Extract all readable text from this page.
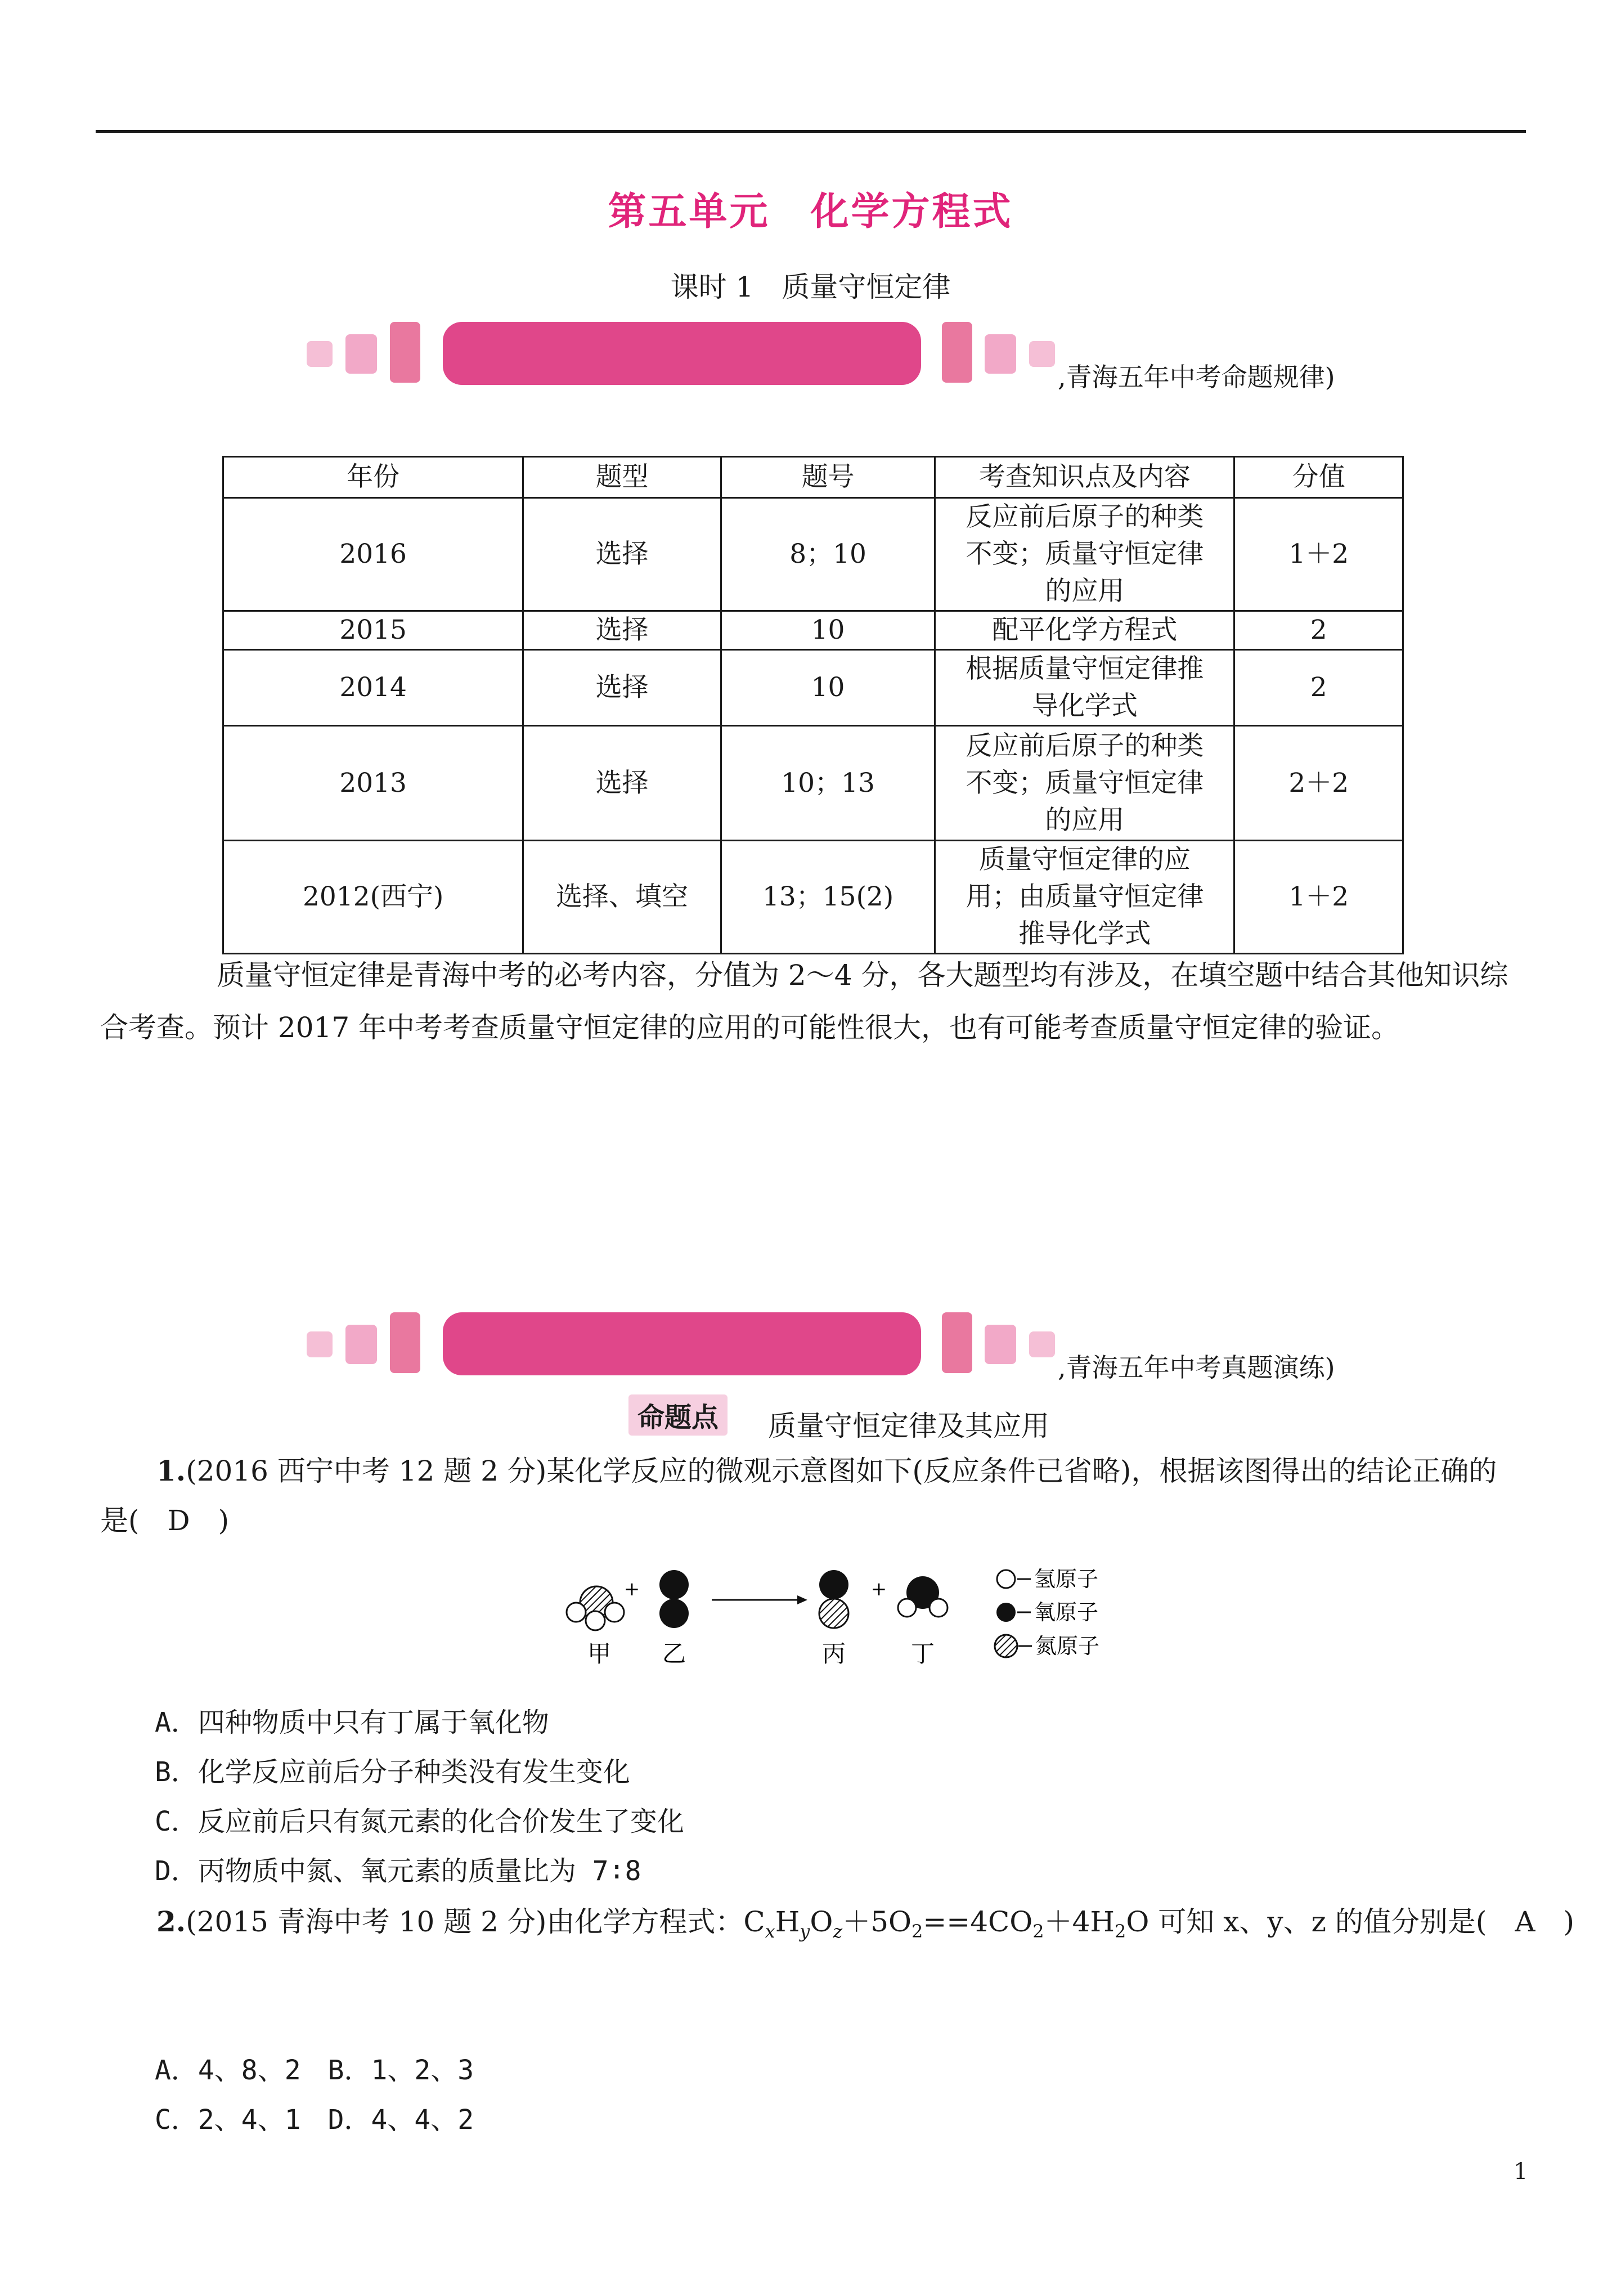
第五单元　化学方程式
课时 1　质量守恒定律
,青海五年中考命题规律)
年份	题型	题号	考查知识点及内容	分值
2016	选择	8；10	反应前后原子的种类
不变；质量守恒定律
的应用	1＋2
2015	选择	10	配平化学方程式	2
2014	选择	10	根据质量守恒定律推
导化学式	2
2013	选择	10；13	反应前后原子的种类
不变；质量守恒定律
的应用	2＋2
2012(西宁)	选择、填空	13；15(2)	质量守恒定律的应
用；由质量守恒定律
推导化学式	1＋2
质量守恒定律是青海中考的必考内容，分值为 2～4 分，各大题型均有涉及，在填空题中结合其他知识综
合考查。预计 2017 年中考考查质量守恒定律的应用的可能性很大，也有可能考查质量守恒定律的验证。
,青海五年中考真题演练)
命题点	质量守恒定律及其应用
1.(2016 西宁中考 12 题 2 分)某化学反应的微观示意图如下(反应条件已省略)，根据该图得出的结论正确的
是(　D　)
+	+
甲 乙	丙	丁
氢原子
氧原子
氮原子
A．四种物质中只有丁属于氧化物
B．化学反应前后分子种类没有发生变化
C．反应前后只有氮元素的化合价发生了变化
D．丙物质中氮、氧元素的质量比为 7∶8
2.(2015 青海中考 10 题 2 分)由化学方程式：$C_xH_yO_z+5O_2==4CO_2+4H_2O$ 可知 x、y、z 的值分别是(　A　)
A．4、8、2　B．1、2、3
C．2、4、1　D．4、4、2
1
